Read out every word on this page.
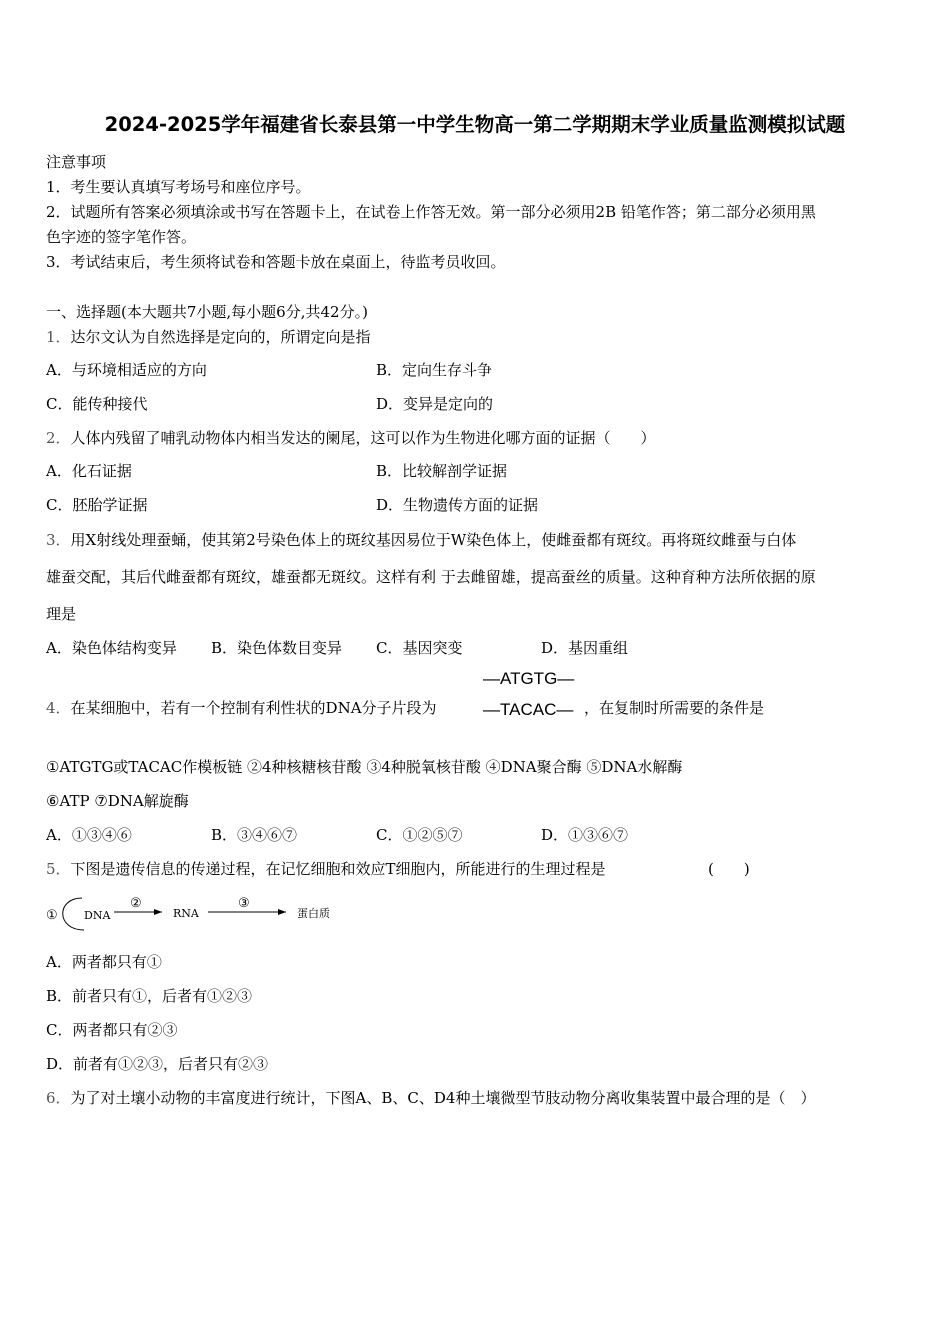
2024-2025学年福建省长泰县第一中学生物高一第二学期期末学业质量监测模拟试题
注意事项
1．考生要认真填写考场号和座位序号。
2．试题所有答案必须填涂或书写在答题卡上，在试卷上作答无效。第一部分必须用2B 铅笔作答；第二部分必须用黑
色字迹的签字笔作答。
3．考试结束后，考生须将试卷和答题卡放在桌面上，待监考员收回。
一、选择题(本大题共7小题,每小题6分,共42分。)
1．达尔文认为自然选择是定向的，所谓定向是指
A．与环境相适应的方向	B．定向生存斗争
C．能传种接代	D．变异是定向的
2．人体内残留了哺乳动物体内相当发达的阑尾，这可以作为生物进化哪方面的证据（　　）
A．化石证据	B．比较解剖学证据
C．胚胎学证据	D．生物遗传方面的证据
3．用X射线处理蚕蛹，使其第2号染色体上的斑纹基因易位于W染色体上，使雌蚕都有斑纹。再将斑纹雌蚕与白体
雄蚕交配，其后代雌蚕都有斑纹，雄蚕都无斑纹。这样有利 于去雌留雄，提高蚕丝的质量。这种育种方法所依据的原
理是
A．染色体结构变异 B．染色体数目变异 C．基因突变	D．基因重组
4．在某细胞中，若有一个控制有利性状的DNA分子片段为
—ATGTG—
—TACAC— ，在复制时所需要的条件是
①ATGTG或TACAC作模板链 ②4种核糖核苷酸 ③4种脱氧核苷酸 ④DNA聚合酶 ⑤DNA水解酶
⑥ATP ⑦DNA解旋酶
A．①③④⑥	B．③④⑥⑦	C．①②⑤⑦	D．①③⑥⑦
5．下图是遗传信息的传递过程，在记忆细胞和效应T细胞内，所能进行的生理过程是	(　　)
① DNA
②
RNA
③
蛋白质
A．两者都只有①
B．前者只有①，后者有①②③
C．两者都只有②③
D．前者有①②③，后者只有②③
6．为了对土壤小动物的丰富度进行统计，下图A、B、C、D4种土壤微型节肢动物分离收集装置中最合理的是（　）
